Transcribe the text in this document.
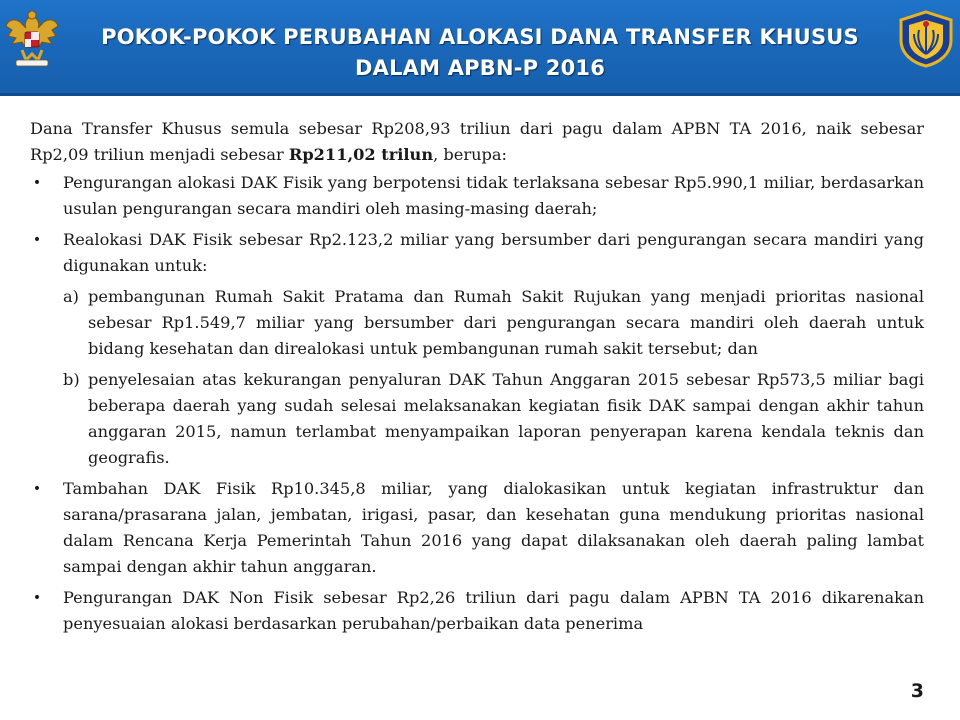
POKOK-POKOK PERUBAHAN ALOKASI DANA TRANSFER KHUSUS
DALAM APBN-P 2016

Dana Transfer Khusus semula sebesar Rp208,93 triliun dari pagu dalam APBN TA 2016, naik sebesar Rp2,09 triliun menjadi sebesar Rp211,02 trilun, berupa:

• Pengurangan alokasi DAK Fisik yang berpotensi tidak terlaksana sebesar Rp5.990,1 miliar, berdasarkan usulan pengurangan secara mandiri oleh masing-masing daerah;
• Realokasi DAK Fisik sebesar Rp2.123,2 miliar yang bersumber dari pengurangan secara mandiri yang digunakan untuk:
a) pembangunan Rumah Sakit Pratama dan Rumah Sakit Rujukan yang menjadi prioritas nasional sebesar Rp1.549,7 miliar yang bersumber dari pengurangan secara mandiri oleh daerah untuk bidang kesehatan dan direalokasi untuk pembangunan rumah sakit tersebut; dan
b) penyelesaian atas kekurangan penyaluran DAK Tahun Anggaran 2015 sebesar Rp573,5 miliar bagi beberapa daerah yang sudah selesai melaksanakan kegiatan fisik DAK sampai dengan akhir tahun anggaran 2015, namun terlambat menyampaikan laporan penyerapan karena kendala teknis dan geografis.
• Tambahan DAK Fisik Rp10.345,8 miliar, yang dialokasikan untuk kegiatan infrastruktur dan sarana/prasarana jalan, jembatan, irigasi, pasar, dan kesehatan guna mendukung prioritas nasional dalam Rencana Kerja Pemerintah Tahun 2016 yang dapat dilaksanakan oleh daerah paling lambat sampai dengan akhir tahun anggaran.
• Pengurangan DAK Non Fisik sebesar Rp2,26 triliun dari pagu dalam APBN TA 2016 dikarenakan penyesuaian alokasi berdasarkan perubahan/perbaikan data penerima
3
